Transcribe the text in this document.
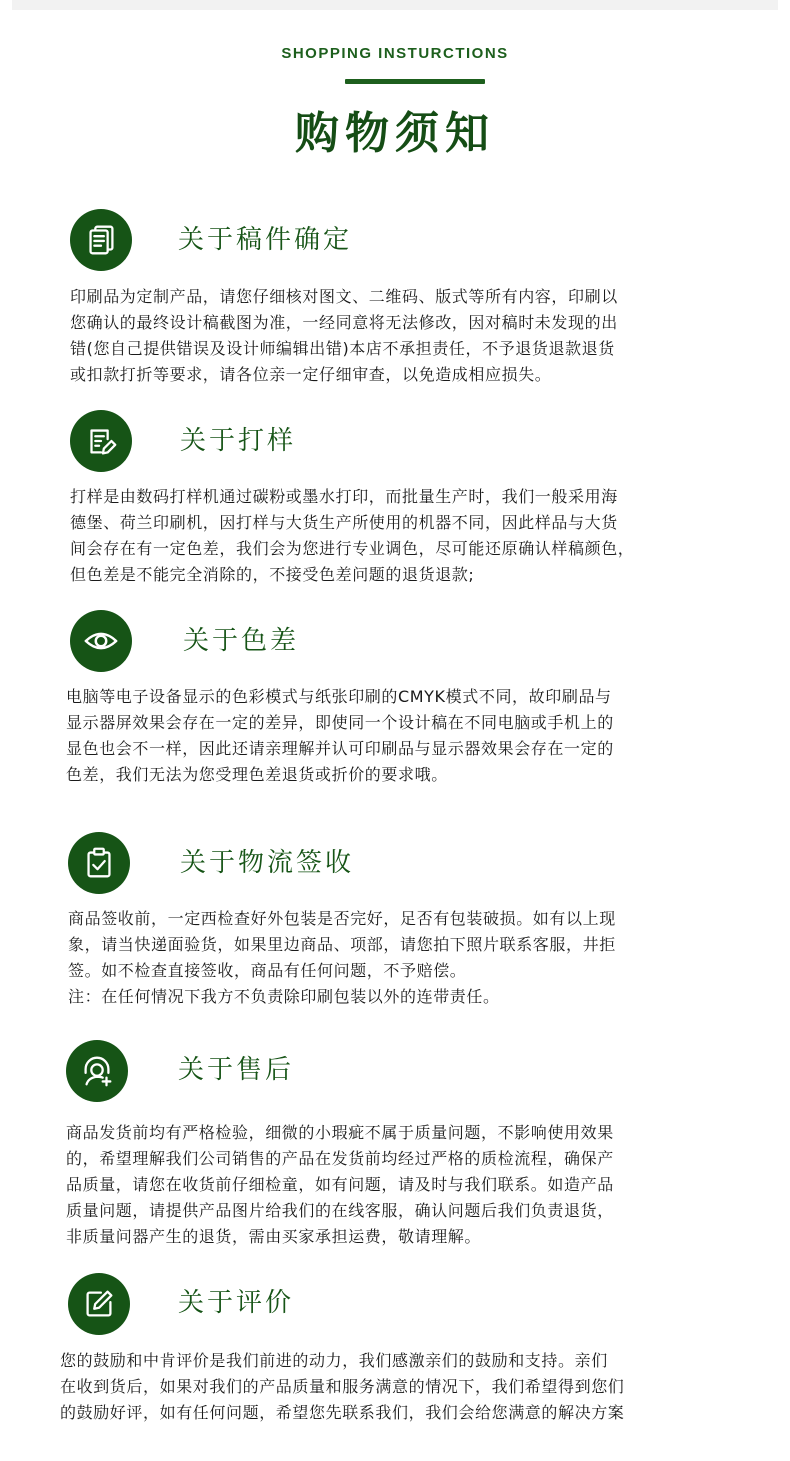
SHOPPING INSTURCTIONS
购物须知
关于稿件确定
印刷品为定制产品，请您仔细核对图文、二维码、版式等所有内容，印刷以
您确认的最终设计稿截图为准，一经同意将无法修改，因对稿时未发现的出
错(您自己提供错误及设计师编辑出错)本店不承担责任，不予退货退款退货
或扣款打折等要求，请各位亲一定仔细审查，以免造成相应损失。
关于打样
打样是由数码打样机通过碳粉或墨水打印，而批量生产时，我们一般采用海
德堡、荷兰印刷机，因打样与大货生产所使用的机器不同，因此样品与大货
间会存在有一定色差，我们会为您进行专业调色，尽可能还原确认样稿颜色，
但色差是不能完全消除的，不接受色差问题的退货退款;
关于色差
电脑等电子设备显示的色彩模式与纸张印刷的CMYK模式不同，故印刷品与
显示器屏效果会存在一定的差异，即使同一个设计稿在不同电脑或手机上的
显色也会不一样，因此还请亲理解并认可印刷品与显示器效果会存在一定的
色差，我们无法为您受理色差退货或折价的要求哦。
关于物流签收
商品签收前，一定西检查好外包装是否完好，足否有包装破损。如有以上现
象，请当快递面验货，如果里边商品、项部，请您拍下照片联系客服，井拒
签。如不检查直接签收，商品有任何问题，不予赔偿。
注：在任何情况下我方不负责除印刷包装以外的连带责任。
关于售后
商品发货前均有严格检验，细微的小瑕疵不属于质量问题，不影响使用效果
的，希望理解我们公司销售的产品在发货前均经过严格的质检流程，确保产
品质量，请您在收货前仔细检童，如有问题，请及时与我们联系。如造产品
质量问题，请提供产品图片给我们的在线客服，确认问题后我们负责退货，
非质量问器产生的退货，需由买家承担运费，敬请理解。
关于评价
您的鼓励和中肯评价是我们前进的动力，我们感激亲们的鼓励和支持。亲们
在收到货后，如果对我们的产品质量和服务满意的情况下，我们希望得到您们
的鼓励好评，如有任何问题，希望您先联系我们，我们会给您满意的解决方案
